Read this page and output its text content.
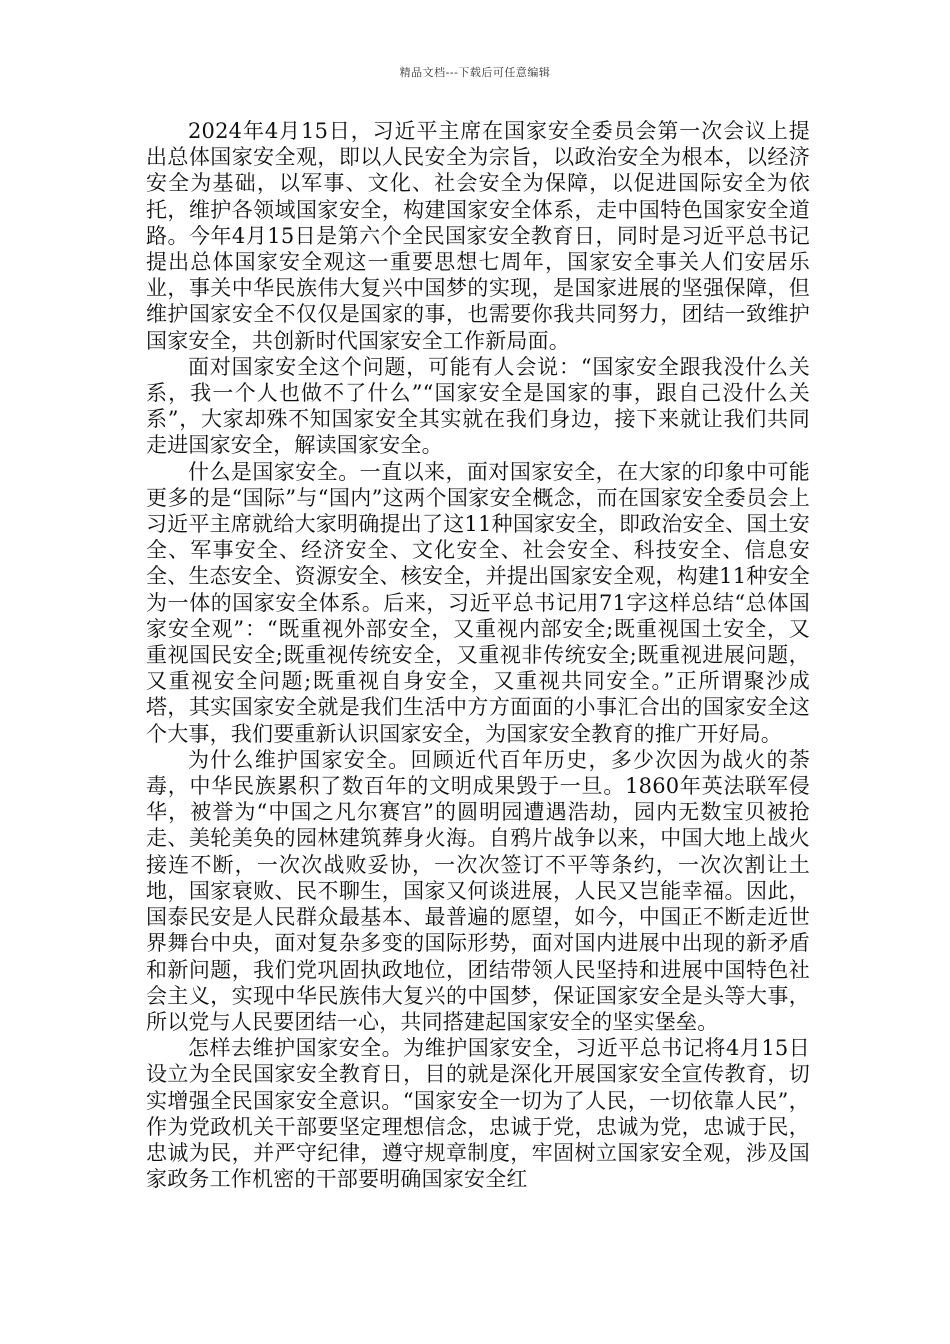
精品文档---下载后可任意编辑

2024年4月15日，习近平主席在国家安全委员会第一次会议上提出总体国家安全观，即以人民安全为宗旨，以政治安全为根本，以经济安全为基础，以军事、文化、社会安全为保障，以促进国际安全为依托，维护各领域国家安全，构建国家安全体系，走中国特色国家安全道路。今年4月15日是第六个全民国家安全教育日，同时是习近平总书记提出总体国家安全观这一重要思想七周年，国家安全事关人们安居乐业，事关中华民族伟大复兴中国梦的实现，是国家进展的坚强保障，但维护国家安全不仅仅是国家的事，也需要你我共同努力，团结一致维护国家安全，共创新时代国家安全工作新局面。

面对国家安全这个问题，可能有人会说：“国家安全跟我没什么关系，我一个人也做不了什么”“国家安全是国家的事，跟自己没什么关系”，大家却殊不知国家安全其实就在我们身边，接下来就让我们共同走进国家安全，解读国家安全。

什么是国家安全。一直以来，面对国家安全，在大家的印象中可能更多的是“国际”与“国内”这两个国家安全概念，而在国家安全委员会上习近平主席就给大家明确提出了这11种国家安全，即政治安全、国土安全、军事安全、经济安全、文化安全、社会安全、科技安全、信息安全、生态安全、资源安全、核安全，并提出国家安全观，构建11种安全为一体的国家安全体系。后来，习近平总书记用71字这样总结“总体国家安全观”：“既重视外部安全，又重视内部安全;既重视国土安全，又重视国民安全;既重视传统安全，又重视非传统安全;既重视进展问题，又重视安全问题;既重视自身安全，又重视共同安全。”正所谓聚沙成塔，其实国家安全就是我们生活中方方面面的小事汇合出的国家安全这个大事，我们要重新认识国家安全，为国家安全教育的推广开好局。

为什么维护国家安全。回顾近代百年历史，多少次因为战火的荼毒，中华民族累积了数百年的文明成果毁于一旦。1860年英法联军侵华，被誉为“中国之凡尔赛宫”的圆明园遭遇浩劫，园内无数宝贝被抢走、美轮美奂的园林建筑葬身火海。自鸦片战争以来，中国大地上战火接连不断，一次次战败妥协，一次次签订不平等条约，一次次割让土地，国家衰败、民不聊生，国家又何谈进展，人民又岂能幸福。因此，国泰民安是人民群众最基本、最普遍的愿望，如今，中国正不断走近世界舞台中央，面对复杂多变的国际形势，面对国内进展中出现的新矛盾和新问题，我们党巩固执政地位，团结带领人民坚持和进展中国特色社会主义，实现中华民族伟大复兴的中国梦，保证国家安全是头等大事，所以党与人民要团结一心，共同搭建起国家安全的坚实堡垒。

怎样去维护国家安全。为维护国家安全，习近平总书记将4月15日设立为全民国家安全教育日，目的就是深化开展国家安全宣传教育，切实增强全民国家安全意识。“国家安全一切为了人民，一切依靠人民”，作为党政机关干部要坚定理想信念，忠诚于党，忠诚为党，忠诚于民，忠诚为民，并严守纪律，遵守规章制度，牢固树立国家安全观，涉及国家政务工作机密的干部要明确国家安全红
